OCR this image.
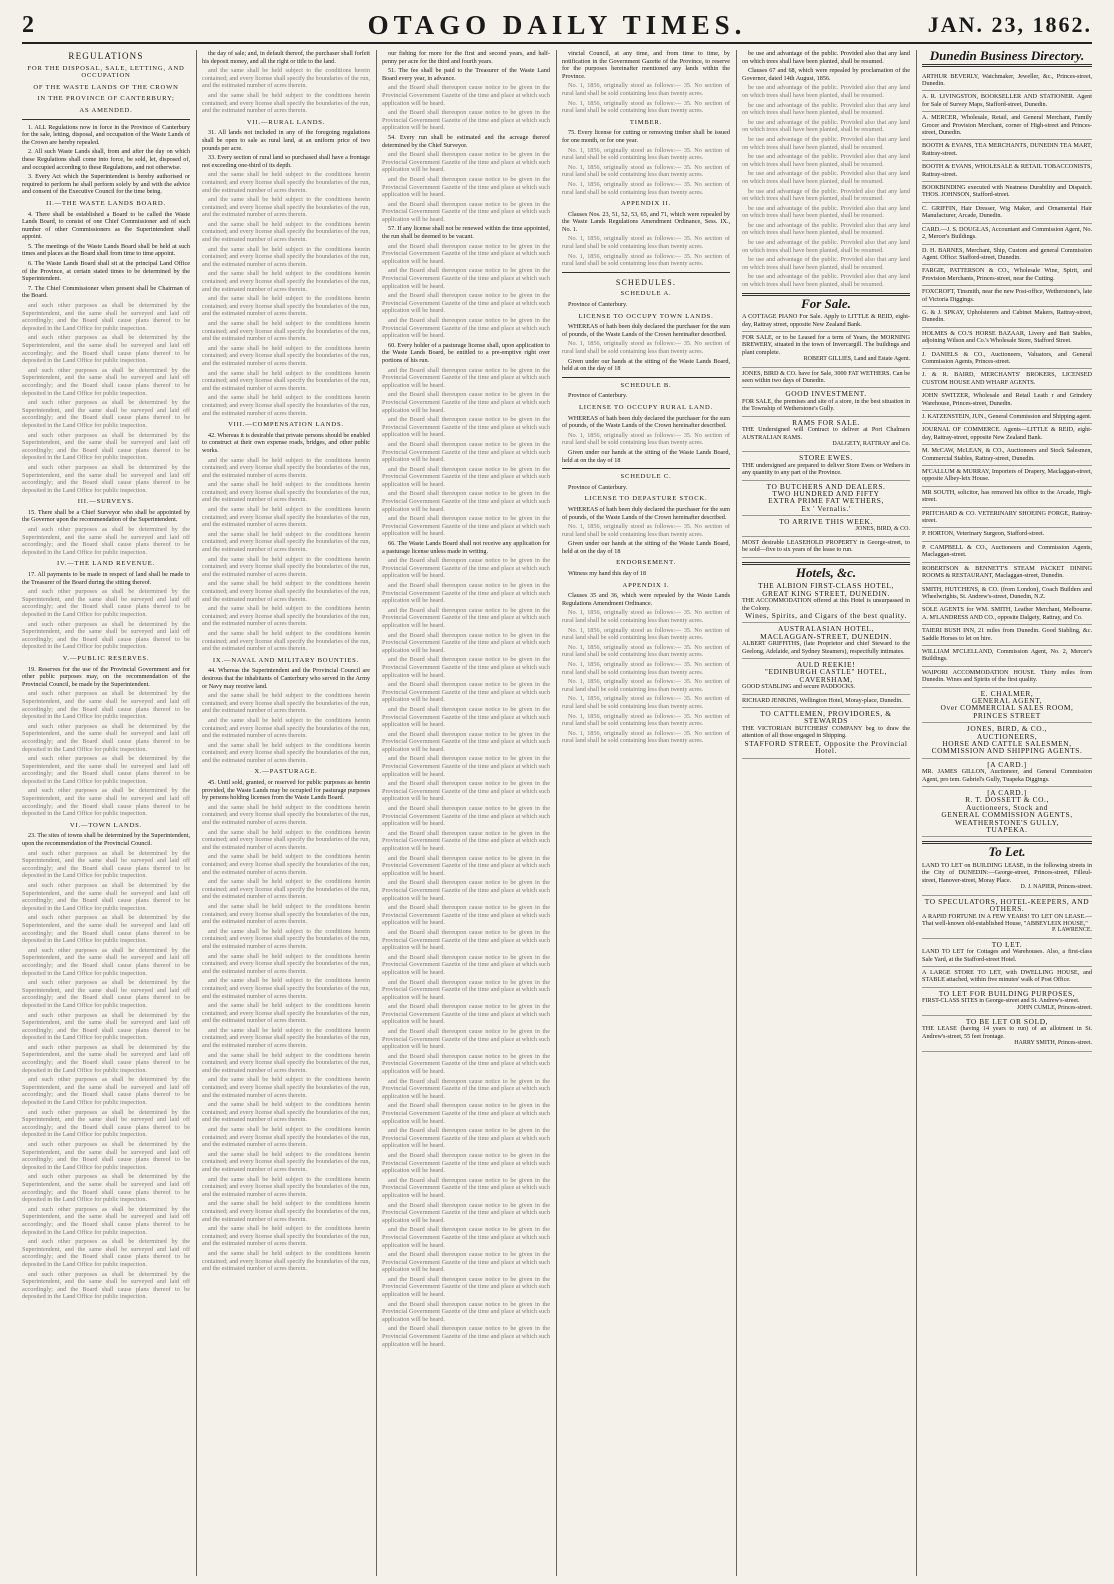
2	OTAGO DAILY TIMES.	JAN. 23, 1862.
REGULATIONS
FOR THE DISPOSAL, SALE, LETTING, AND OCCUPATION
OF THE WASTE LANDS OF THE CROWN
IN THE PROVINCE OF CANTERBURY;
AS AMENDED.

1. ALL Regulations now in force in the Province of Canterbury for the sale, letting, disposal, and occupation of the Waste Lands of the Crown are hereby repealed.

2. All such Waste Lands shall, from and after the day on which these Regulations shall come into force, be sold, let, disposed of, and occupied according to these Regulations, and not otherwise.

3. Every Act which the Superintendent is hereby authorised or required to perform he shall perform solely by and with the advice and consent of the Executive Council for the time being.

II.—THE WASTE LANDS BOARD.

4. There shall be established a Board to be called the Waste Lands Board, to consist of one Chief Commissioner and of such number of other Commissioners as the Superintendent shall appoint.

5. The meetings of the Waste Lands Board shall be held at such times and places as the Board shall from time to time appoint.

6. The Waste Lands Board shall sit at the principal Land Office of the Province, at certain stated times to be determined by the Superintendent.

7. The Chief Commissioner when present shall be Chairman of the Board.

and such other purposes as shall be determined by the Superintendent, and the same shall be surveyed and laid off accordingly; and the Board shall cause plans thereof to be deposited in the Land Office for public inspection.

and such other purposes as shall be determined by the Superintendent, and the same shall be surveyed and laid off accordingly; and the Board shall cause plans thereof to be deposited in the Land Office for public inspection.

and such other purposes as shall be determined by the Superintendent, and the same shall be surveyed and laid off accordingly; and the Board shall cause plans thereof to be deposited in the Land Office for public inspection.

and such other purposes as shall be determined by the Superintendent, and the same shall be surveyed and laid off accordingly; and the Board shall cause plans thereof to be deposited in the Land Office for public inspection.

and such other purposes as shall be determined by the Superintendent, and the same shall be surveyed and laid off accordingly; and the Board shall cause plans thereof to be deposited in the Land Office for public inspection.

and such other purposes as shall be determined by the Superintendent, and the same shall be surveyed and laid off accordingly; and the Board shall cause plans thereof to be deposited in the Land Office for public inspection.

III.—SURVEYS.

15. There shall be a Chief Surveyor who shall be appointed by the Governor upon the recommendation of the Superintendent.

and such other purposes as shall be determined by the Superintendent, and the same shall be surveyed and laid off accordingly; and the Board shall cause plans thereof to be deposited in the Land Office for public inspection.

IV.—THE LAND REVENUE.

17. All payments to be made in respect of land shall be made to the Treasurer of the Board during the sitting thereof.

and such other purposes as shall be determined by the Superintendent, and the same shall be surveyed and laid off accordingly; and the Board shall cause plans thereof to be deposited in the Land Office for public inspection.

and such other purposes as shall be determined by the Superintendent, and the same shall be surveyed and laid off accordingly; and the Board shall cause plans thereof to be deposited in the Land Office for public inspection.

V.—PUBLIC RESERVES.

19. Reserves for the use of the Provincial Government and for other public purposes may, on the recommendation of the Provincial Council, be made by the Superintendent.

and such other purposes as shall be determined by the Superintendent, and the same shall be surveyed and laid off accordingly; and the Board shall cause plans thereof to be deposited in the Land Office for public inspection.

and such other purposes as shall be determined by the Superintendent, and the same shall be surveyed and laid off accordingly; and the Board shall cause plans thereof to be deposited in the Land Office for public inspection.

and such other purposes as shall be determined by the Superintendent, and the same shall be surveyed and laid off accordingly; and the Board shall cause plans thereof to be deposited in the Land Office for public inspection.

and such other purposes as shall be determined by the Superintendent, and the same shall be surveyed and laid off accordingly; and the Board shall cause plans thereof to be deposited in the Land Office for public inspection.

VI.—TOWN LANDS.

23. The sites of towns shall be determined by the Superintendent, upon the recommendation of the Provincial Council.

and such other purposes as shall be determined by the Superintendent, and the same shall be surveyed and laid off accordingly; and the Board shall cause plans thereof to be deposited in the Land Office for public inspection.

and such other purposes as shall be determined by the Superintendent, and the same shall be surveyed and laid off accordingly; and the Board shall cause plans thereof to be deposited in the Land Office for public inspection.

and such other purposes as shall be determined by the Superintendent, and the same shall be surveyed and laid off accordingly; and the Board shall cause plans thereof to be deposited in the Land Office for public inspection.

and such other purposes as shall be determined by the Superintendent, and the same shall be surveyed and laid off accordingly; and the Board shall cause plans thereof to be deposited in the Land Office for public inspection.

and such other purposes as shall be determined by the Superintendent, and the same shall be surveyed and laid off accordingly; and the Board shall cause plans thereof to be deposited in the Land Office for public inspection.

and such other purposes as shall be determined by the Superintendent, and the same shall be surveyed and laid off accordingly; and the Board shall cause plans thereof to be deposited in the Land Office for public inspection.

and such other purposes as shall be determined by the Superintendent, and the same shall be surveyed and laid off accordingly; and the Board shall cause plans thereof to be deposited in the Land Office for public inspection.

and such other purposes as shall be determined by the Superintendent, and the same shall be surveyed and laid off accordingly; and the Board shall cause plans thereof to be deposited in the Land Office for public inspection.

and such other purposes as shall be determined by the Superintendent, and the same shall be surveyed and laid off accordingly; and the Board shall cause plans thereof to be deposited in the Land Office for public inspection.

and such other purposes as shall be determined by the Superintendent, and the same shall be surveyed and laid off accordingly; and the Board shall cause plans thereof to be deposited in the Land Office for public inspection.

and such other purposes as shall be determined by the Superintendent, and the same shall be surveyed and laid off accordingly; and the Board shall cause plans thereof to be deposited in the Land Office for public inspection.

and such other purposes as shall be determined by the Superintendent, and the same shall be surveyed and laid off accordingly; and the Board shall cause plans thereof to be deposited in the Land Office for public inspection.

and such other purposes as shall be determined by the Superintendent, and the same shall be surveyed and laid off accordingly; and the Board shall cause plans thereof to be deposited in the Land Office for public inspection.

and such other purposes as shall be determined by the Superintendent, and the same shall be surveyed and laid off accordingly; and the Board shall cause plans thereof to be deposited in the Land Office for public inspection.

the day of sale; and, in default thereof, the purchaser shall forfeit his deposit money, and all the right or title to the land.

and the same shall be held subject to the conditions herein contained; and every license shall specify the boundaries of the run, and the estimated number of acres therein.

and the same shall be held subject to the conditions herein contained; and every license shall specify the boundaries of the run, and the estimated number of acres therein.

VII.—RURAL LANDS.

31. All lands not included in any of the foregoing regulations shall be open to sale as rural land, at an uniform price of two pounds per acre.

33. Every section of rural land so purchased shall have a frontage not exceeding one-third of its depth.

and the same shall be held subject to the conditions herein contained; and every license shall specify the boundaries of the run, and the estimated number of acres therein.

and the same shall be held subject to the conditions herein contained; and every license shall specify the boundaries of the run, and the estimated number of acres therein.

and the same shall be held subject to the conditions herein contained; and every license shall specify the boundaries of the run, and the estimated number of acres therein.

and the same shall be held subject to the conditions herein contained; and every license shall specify the boundaries of the run, and the estimated number of acres therein.

and the same shall be held subject to the conditions herein contained; and every license shall specify the boundaries of the run, and the estimated number of acres therein.

and the same shall be held subject to the conditions herein contained; and every license shall specify the boundaries of the run, and the estimated number of acres therein.

and the same shall be held subject to the conditions herein contained; and every license shall specify the boundaries of the run, and the estimated number of acres therein.

and the same shall be held subject to the conditions herein contained; and every license shall specify the boundaries of the run, and the estimated number of acres therein.

and the same shall be held subject to the conditions herein contained; and every license shall specify the boundaries of the run, and the estimated number of acres therein.

and the same shall be held subject to the conditions herein contained; and every license shall specify the boundaries of the run, and the estimated number of acres therein.

VIII.—COMPENSATION LANDS.

42. Whereas it is desirable that private persons should be enabled to construct at their own expense roads, bridges, and other public works.

and the same shall be held subject to the conditions herein contained; and every license shall specify the boundaries of the run, and the estimated number of acres therein.

and the same shall be held subject to the conditions herein contained; and every license shall specify the boundaries of the run, and the estimated number of acres therein.

and the same shall be held subject to the conditions herein contained; and every license shall specify the boundaries of the run, and the estimated number of acres therein.

and the same shall be held subject to the conditions herein contained; and every license shall specify the boundaries of the run, and the estimated number of acres therein.

and the same shall be held subject to the conditions herein contained; and every license shall specify the boundaries of the run, and the estimated number of acres therein.

and the same shall be held subject to the conditions herein contained; and every license shall specify the boundaries of the run, and the estimated number of acres therein.

and the same shall be held subject to the conditions herein contained; and every license shall specify the boundaries of the run, and the estimated number of acres therein.

and the same shall be held subject to the conditions herein contained; and every license shall specify the boundaries of the run, and the estimated number of acres therein.

IX.—NAVAL AND MILITARY BOUNTIES.

44. Whereas the Superintendent and the Provincial Council are desirous that the inhabitants of Canterbury who served in the Army or Navy may receive land.

and the same shall be held subject to the conditions herein contained; and every license shall specify the boundaries of the run, and the estimated number of acres therein.

and the same shall be held subject to the conditions herein contained; and every license shall specify the boundaries of the run, and the estimated number of acres therein.

and the same shall be held subject to the conditions herein contained; and every license shall specify the boundaries of the run, and the estimated number of acres therein.

X.—PASTURAGE.

45. Until sold, granted, or reserved for public purposes as herein provided, the Waste Lands may be occupied for pasturage purposes by persons holding licenses from the Waste Lands Board.

and the same shall be held subject to the conditions herein contained; and every license shall specify the boundaries of the run, and the estimated number of acres therein.

and the same shall be held subject to the conditions herein contained; and every license shall specify the boundaries of the run, and the estimated number of acres therein.

and the same shall be held subject to the conditions herein contained; and every license shall specify the boundaries of the run, and the estimated number of acres therein.

and the same shall be held subject to the conditions herein contained; and every license shall specify the boundaries of the run, and the estimated number of acres therein.

and the same shall be held subject to the conditions herein contained; and every license shall specify the boundaries of the run, and the estimated number of acres therein.

and the same shall be held subject to the conditions herein contained; and every license shall specify the boundaries of the run, and the estimated number of acres therein.

and the same shall be held subject to the conditions herein contained; and every license shall specify the boundaries of the run, and the estimated number of acres therein.

and the same shall be held subject to the conditions herein contained; and every license shall specify the boundaries of the run, and the estimated number of acres therein.

and the same shall be held subject to the conditions herein contained; and every license shall specify the boundaries of the run, and the estimated number of acres therein.

and the same shall be held subject to the conditions herein contained; and every license shall specify the boundaries of the run, and the estimated number of acres therein.

and the same shall be held subject to the conditions herein contained; and every license shall specify the boundaries of the run, and the estimated number of acres therein.

and the same shall be held subject to the conditions herein contained; and every license shall specify the boundaries of the run, and the estimated number of acres therein.

and the same shall be held subject to the conditions herein contained; and every license shall specify the boundaries of the run, and the estimated number of acres therein.

and the same shall be held subject to the conditions herein contained; and every license shall specify the boundaries of the run, and the estimated number of acres therein.

and the same shall be held subject to the conditions herein contained; and every license shall specify the boundaries of the run, and the estimated number of acres therein.

and the same shall be held subject to the conditions herein contained; and every license shall specify the boundaries of the run, and the estimated number of acres therein.

and the same shall be held subject to the conditions herein contained; and every license shall specify the boundaries of the run, and the estimated number of acres therein.

and the same shall be held subject to the conditions herein contained; and every license shall specify the boundaries of the run, and the estimated number of acres therein.

and the same shall be held subject to the conditions herein contained; and every license shall specify the boundaries of the run, and the estimated number of acres therein.

our fishing for more for the first and second years, and half-penny per acre for the third and fourth years.

51. The fee shall be paid to the Treasurer of the Waste Land Board every year, in advance.

and the Board shall thereupon cause notice to be given in the Provincial Government Gazette of the time and place at which such application will be heard.

and the Board shall thereupon cause notice to be given in the Provincial Government Gazette of the time and place at which such application will be heard.

54. Every run shall be estimated and the acreage thereof determined by the Chief Surveyor.

and the Board shall thereupon cause notice to be given in the Provincial Government Gazette of the time and place at which such application will be heard.

and the Board shall thereupon cause notice to be given in the Provincial Government Gazette of the time and place at which such application will be heard.

and the Board shall thereupon cause notice to be given in the Provincial Government Gazette of the time and place at which such application will be heard.

57. If any license shall not be renewed within the time appointed, the run shall be deemed to be vacant.

and the Board shall thereupon cause notice to be given in the Provincial Government Gazette of the time and place at which such application will be heard.

and the Board shall thereupon cause notice to be given in the Provincial Government Gazette of the time and place at which such application will be heard.

and the Board shall thereupon cause notice to be given in the Provincial Government Gazette of the time and place at which such application will be heard.

and the Board shall thereupon cause notice to be given in the Provincial Government Gazette of the time and place at which such application will be heard.

60. Every holder of a pasturage license shall, upon application to the Waste Lands Board, be entitled to a pre-emptive right over portions of his run.

and the Board shall thereupon cause notice to be given in the Provincial Government Gazette of the time and place at which such application will be heard.

and the Board shall thereupon cause notice to be given in the Provincial Government Gazette of the time and place at which such application will be heard.

and the Board shall thereupon cause notice to be given in the Provincial Government Gazette of the time and place at which such application will be heard.

and the Board shall thereupon cause notice to be given in the Provincial Government Gazette of the time and place at which such application will be heard.

and the Board shall thereupon cause notice to be given in the Provincial Government Gazette of the time and place at which such application will be heard.

and the Board shall thereupon cause notice to be given in the Provincial Government Gazette of the time and place at which such application will be heard.

and the Board shall thereupon cause notice to be given in the Provincial Government Gazette of the time and place at which such application will be heard.

66. The Waste Lands Board shall not receive any application for a pasturage license unless made in writing.

and the Board shall thereupon cause notice to be given in the Provincial Government Gazette of the time and place at which such application will be heard.

and the Board shall thereupon cause notice to be given in the Provincial Government Gazette of the time and place at which such application will be heard.

and the Board shall thereupon cause notice to be given in the Provincial Government Gazette of the time and place at which such application will be heard.

and the Board shall thereupon cause notice to be given in the Provincial Government Gazette of the time and place at which such application will be heard.

and the Board shall thereupon cause notice to be given in the Provincial Government Gazette of the time and place at which such application will be heard.

and the Board shall thereupon cause notice to be given in the Provincial Government Gazette of the time and place at which such application will be heard.

and the Board shall thereupon cause notice to be given in the Provincial Government Gazette of the time and place at which such application will be heard.

and the Board shall thereupon cause notice to be given in the Provincial Government Gazette of the time and place at which such application will be heard.

and the Board shall thereupon cause notice to be given in the Provincial Government Gazette of the time and place at which such application will be heard.

and the Board shall thereupon cause notice to be given in the Provincial Government Gazette of the time and place at which such application will be heard.

and the Board shall thereupon cause notice to be given in the Provincial Government Gazette of the time and place at which such application will be heard.

and the Board shall thereupon cause notice to be given in the Provincial Government Gazette of the time and place at which such application will be heard.

and the Board shall thereupon cause notice to be given in the Provincial Government Gazette of the time and place at which such application will be heard.

and the Board shall thereupon cause notice to be given in the Provincial Government Gazette of the time and place at which such application will be heard.

and the Board shall thereupon cause notice to be given in the Provincial Government Gazette of the time and place at which such application will be heard.

and the Board shall thereupon cause notice to be given in the Provincial Government Gazette of the time and place at which such application will be heard.

and the Board shall thereupon cause notice to be given in the Provincial Government Gazette of the time and place at which such application will be heard.

and the Board shall thereupon cause notice to be given in the Provincial Government Gazette of the time and place at which such application will be heard.

and the Board shall thereupon cause notice to be given in the Provincial Government Gazette of the time and place at which such application will be heard.

and the Board shall thereupon cause notice to be given in the Provincial Government Gazette of the time and place at which such application will be heard.

and the Board shall thereupon cause notice to be given in the Provincial Government Gazette of the time and place at which such application will be heard.

and the Board shall thereupon cause notice to be given in the Provincial Government Gazette of the time and place at which such application will be heard.

and the Board shall thereupon cause notice to be given in the Provincial Government Gazette of the time and place at which such application will be heard.

and the Board shall thereupon cause notice to be given in the Provincial Government Gazette of the time and place at which such application will be heard.

and the Board shall thereupon cause notice to be given in the Provincial Government Gazette of the time and place at which such application will be heard.

and the Board shall thereupon cause notice to be given in the Provincial Government Gazette of the time and place at which such application will be heard.

and the Board shall thereupon cause notice to be given in the Provincial Government Gazette of the time and place at which such application will be heard.

and the Board shall thereupon cause notice to be given in the Provincial Government Gazette of the time and place at which such application will be heard.

and the Board shall thereupon cause notice to be given in the Provincial Government Gazette of the time and place at which such application will be heard.

and the Board shall thereupon cause notice to be given in the Provincial Government Gazette of the time and place at which such application will be heard.

and the Board shall thereupon cause notice to be given in the Provincial Government Gazette of the time and place at which such application will be heard.

and the Board shall thereupon cause notice to be given in the Provincial Government Gazette of the time and place at which such application will be heard.

vincial Council, at any time, and from time to time, by notification in the Government Gazette of the Province, to reserve for the purposes hereinafter mentioned any lands within the Province.

No. 1, 1856, originally stood as follows:— 35. No section of rural land shall be sold containing less than twenty acres.

No. 1, 1856, originally stood as follows:— 35. No section of rural land shall be sold containing less than twenty acres.

TIMBER.

75. Every license for cutting or removing timber shall be issued for one month, or for one year.

No. 1, 1856, originally stood as follows:— 35. No section of rural land shall be sold containing less than twenty acres.

No. 1, 1856, originally stood as follows:— 35. No section of rural land shall be sold containing less than twenty acres.

No. 1, 1856, originally stood as follows:— 35. No section of rural land shall be sold containing less than twenty acres.

APPENDIX II.

Clauses Nos. 23, 51, 52, 53, 65, and 71, which were repealed by the Waste Lands Regulations Amendment Ordinance, Sess. IX., No. 1.

No. 1, 1856, originally stood as follows:— 35. No section of rural land shall be sold containing less than twenty acres.

No. 1, 1856, originally stood as follows:— 35. No section of rural land shall be sold containing less than twenty acres.

SCHEDULES.
SCHEDULE A.

Province of Canterbury.

LICENSE TO OCCUPY TOWN LANDS.

WHEREAS of hath been duly declared the purchaser for the sum of pounds, of the Waste Lands of the Crown hereinafter described.

No. 1, 1856, originally stood as follows:— 35. No section of rural land shall be sold containing less than twenty acres.

Given under our hands at the sitting of the Waste Lands Board, held at on the day of 18

SCHEDULE B.

Province of Canterbury.

LICENSE TO OCCUPY RURAL LAND.

WHEREAS of hath been duly declared the purchaser for the sum of pounds, of the Waste Lands of the Crown hereinafter described.

No. 1, 1856, originally stood as follows:— 35. No section of rural land shall be sold containing less than twenty acres.

Given under our hands at the sitting of the Waste Lands Board, held at on the day of 18

SCHEDULE C.

Province of Canterbury.

LICENSE TO DEPASTURE STOCK.

WHEREAS of hath been duly declared the purchaser for the sum of pounds, of the Waste Lands of the Crown hereinafter described.

No. 1, 1856, originally stood as follows:— 35. No section of rural land shall be sold containing less than twenty acres.

Given under our hands at the sitting of the Waste Lands Board, held at on the day of 18

ENDORSEMENT.

Witness my hand this day of 18

APPENDIX I.

Clauses 35 and 36, which were repealed by the Waste Lands Regulations Amendment Ordinance.

No. 1, 1856, originally stood as follows:— 35. No section of rural land shall be sold containing less than twenty acres.

No. 1, 1856, originally stood as follows:— 35. No section of rural land shall be sold containing less than twenty acres.

No. 1, 1856, originally stood as follows:— 35. No section of rural land shall be sold containing less than twenty acres.

No. 1, 1856, originally stood as follows:— 35. No section of rural land shall be sold containing less than twenty acres.

No. 1, 1856, originally stood as follows:— 35. No section of rural land shall be sold containing less than twenty acres.

No. 1, 1856, originally stood as follows:— 35. No section of rural land shall be sold containing less than twenty acres.

No. 1, 1856, originally stood as follows:— 35. No section of rural land shall be sold containing less than twenty acres.

No. 1, 1856, originally stood as follows:— 35. No section of rural land shall be sold containing less than twenty acres.

be use and advantage of the public. Provided also that any land on which trees shall have been planted, shall be resumed.

Clauses 67 and 68, which were repealed by proclamation of the Governor, dated 14th August, 1856.

be use and advantage of the public. Provided also that any land on which trees shall have been planted, shall be resumed.

be use and advantage of the public. Provided also that any land on which trees shall have been planted, shall be resumed.

be use and advantage of the public. Provided also that any land on which trees shall have been planted, shall be resumed.

be use and advantage of the public. Provided also that any land on which trees shall have been planted, shall be resumed.

be use and advantage of the public. Provided also that any land on which trees shall have been planted, shall be resumed.

be use and advantage of the public. Provided also that any land on which trees shall have been planted, shall be resumed.

be use and advantage of the public. Provided also that any land on which trees shall have been planted, shall be resumed.

be use and advantage of the public. Provided also that any land on which trees shall have been planted, shall be resumed.

be use and advantage of the public. Provided also that any land on which trees shall have been planted, shall be resumed.

be use and advantage of the public. Provided also that any land on which trees shall have been planted, shall be resumed.

be use and advantage of the public. Provided also that any land on which trees shall have been planted, shall be resumed.

be use and advantage of the public. Provided also that any land on which trees shall have been planted, shall be resumed.

For Sale.
A COTTAGE PIANO For Sale. Apply to LITTLE & REID, eight-day, Rattray street, opposite New Zealand Bank.
FOR SALE, or to be Leased for a term of Years, the MORNING BREWERY, situated in the town of Invercargill. The buildings and plant complete.
ROBERT GILLIES, Land and Estate Agent.
JONES, BIRD & CO. have for Sale, 3000 FAT WETHERS. Can be seen within two days of Dunedin.
GOOD INVESTMENT.
FOR SALE, the premises and site of a store, in the best situation in the Township of Wetherstone's Gully.
RAMS FOR SALE.
THE Undersigned will Contract to deliver at Port Chalmers AUSTRALIAN RAMS.
DALGETY, RATTRAY and Co.
STORE EWES.
THE undersigned are prepared to deliver Store Ewes or Wethers in any quantity to any part of the Province.
TO BUTCHERS AND DEALERS.
TWO HUNDRED AND FIFTY
EXTRA PRIME FAT WETHERS,
Ex ' Vernalis.'
TO ARRIVE THIS WEEK.
JONES, BIRD, & CO.
MOST desirable LEASEHOLD PROPERTY in George-street, to be sold—five to six years of the lease to run.
Hotels, &c.
THE ALBION FIRST-CLASS HOTEL,
GREAT KING STREET, DUNEDIN.
THE ACCOMMODATION offered at this Hotel is unsurpassed in the Colony.
Wines, Spirits, and Cigars of the best quality.
AUSTRALASIAN HOTEL,
MACLAGGAN-STREET, DUNEDIN.
ALBERT GRIFFITHS, (late Proprietor and chief Steward to the Geelong, Adelaide, and Sydney Steamers), respectfully intimates.
AULD REEKIE!
"EDINBURGH CASTLE" HOTEL,
CAVERSHAM,
GOOD STABLING and secure PADDOCKS.
RICHARD JENKINS, Wellington Hotel, Moray-place, Dunedin.
TO CATTLEMEN, PROVIDORES, & STEWARDS
THE VICTORIAN BUTCHERS' COMPANY beg to draw the attention of all those engaged in Shipping.
STAFFORD STREET, Opposite the Provincial Hotel.
Dunedin Business Directory.
ARTHUR BEVERLY, Watchmaker, Jeweller, &c., Princes-street, Dunedin.
A. R. LIVINGSTON, BOOKSELLER AND STATIONER. Agent for Sale of Survey Maps, Stafford-street, Dunedin.
A. MERCER, Wholesale, Retail, and General Merchant, Family Grocer and Provision Merchant, corner of High-street and Princes-street, Dunedin.
BOOTH & EVANS, TEA MERCHANTS, DUNEDIN TEA MART, Rattray-street.
BOOTH & EVANS, WHOLESALE & RETAIL TOBACCONISTS, Rattray-street.
BOOKBINDING executed with Neatness Durability and Dispatch. THOS. JOHNSON, Stafford-street.
C. GRIFFIN, Hair Dresser, Wig Maker, and Ornamental Hair Manufacturer, Arcade, Dunedin.
CARD.—J. S. DOUGLAS, Accountant and Commission Agent, No. 2, Mercer's Buildings.
D. H. BARNES, Merchant, Ship, Custom and general Commission Agent. Office: Stafford-street, Dunedin.
FARGIE, PATTERSON & CO., Wholesale Wine, Spirit, and Provision Merchants, Princes-street, near the Cutting.
FOXCROFT, Tinsmith, near the new Post-office, Wetherstone's, late of Victoria Diggings.
G. & J. SPKAY, Upholsterers and Cabinet Makers, Rattray-street, Dunedin.
HOLMES & CO.'S HORSE BAZAAR, Livery and Bait Stables, adjoining Wilson and Co.'s Wholesale Store, Stafford Street.
J. DANIELS & CO., Auctioneers, Valuators, and General Commission Agents, Princes-street.
J. & R. BAIRD, MERCHANTS' BROKERS, LICENSED CUSTOM HOUSE AND WHARF AGENTS.
JOHN SWITZER, Wholesale and Retail Leath r and Grindery Warehouse, Princes-street, Dunedin.
J. KATZENSTEIN, JUN., General Commission and Shipping agent.
JOURNAL OF COMMERCE. Agents—LITTLE & REID, eight-day, Rattray-street, opposite New Zealand Bank.
M. McCAW, McLEAN, & CO., Auctioneers and Stock Salesmen, Commercial Stables, Rattray-street, Dunedin.
M'CALLUM & MURRAY, Importers of Drapery, Maclaggan-street, opposite Albey-leix House.
MR SOUTH, solicitor, has removed his office to the Arcade, High-street.
PRITCHARD & CO. VETERINARY SHOEING FORGE, Rattray-street.
P. HORTON, Veterinary Surgeon, Stafford-street.
P. CAMPBELL & CO., Auctioneers and Commission Agents, Maclaggan-street.
ROBERTSON & BENNETT'S STEAM PACKET DINING ROOMS & RESTAURANT, Maclaggan-street, Dunedin.
SMITH, HUTCHENS, & CO. (from London), Coach Builders and Wheelwrights, St. Andrew's-street, Dunedin, N.Z.
SOLE AGENTS for WM. SMITH, Leather Merchant, Melbourne. A. M'LANDRESS AND CO., opposite Dalgety, Rattray, and Co.
TAIERI BUSH INN, 21 miles from Dunedin. Good Stabling, &c. Saddle Horses to let on hire.
WILLIAM M'CLELLAND, Commission Agent, No. 2, Mercer's Buildings.
WAIPORI ACCOMMODATION HOUSE. Thirty miles from Dunedin. Wines and Spirits of the first quality.
E. CHALMER,
GENERAL AGENT,
Over COMMERCIAL SALES ROOM,
PRINCES STREET
JONES, BIRD, & CO.,
AUCTIONEERS,
HORSE AND CATTLE SALESMEN,
COMMISSION AND SHIPPING AGENTS.
[A CARD.]
MR. JAMES GILLON, Auctioneer, and General Commission Agent, pro tem. Gabriel's Gully, Tuapeka Diggings.
[A CARD.]
R. T. DOSSETT & CO.,
Auctioneers, Stock and
GENERAL COMMISSION AGENTS,
WEATHERSTONE'S GULLY,
TUAPEKA.
To Let.
LAND TO LET on BUILDING LEASE, in the following streets in the City of DUNEDIN:—George-street, Princes-street, Filleul-street, Hanover-street, Moray Place.
D. J. NAPIER, Princes-street.
TO SPECULATORS, HOTEL-KEEPERS, AND OTHERS.
A RAPID FORTUNE IN A FEW YEARS! TO LET ON LEASE.—That well-known old-established House, "ABBEYLEIX HOUSE,"
P. LAWRENCE.
TO LET.
LAND TO LET for Cottages and Warehouses. Also, a first-class Sale Yard, at the Stafford-street Hotel.
A LARGE STORE TO LET, with DWELLING HOUSE, and STABLE attached, within five minutes' walk of Post Office.
TO LET FOR BUILDING PURPOSES,
FIRST-CLASS SITES in George-street and St. Andrew's-street.
JOHN CUMLE, Princes-street.
TO BE LET OR SOLD,
THE LEASE (having 14 years to run) of an allotment in St. Andrew's-street, 55 feet frontage.
HARRY SMITH, Princes-street.
